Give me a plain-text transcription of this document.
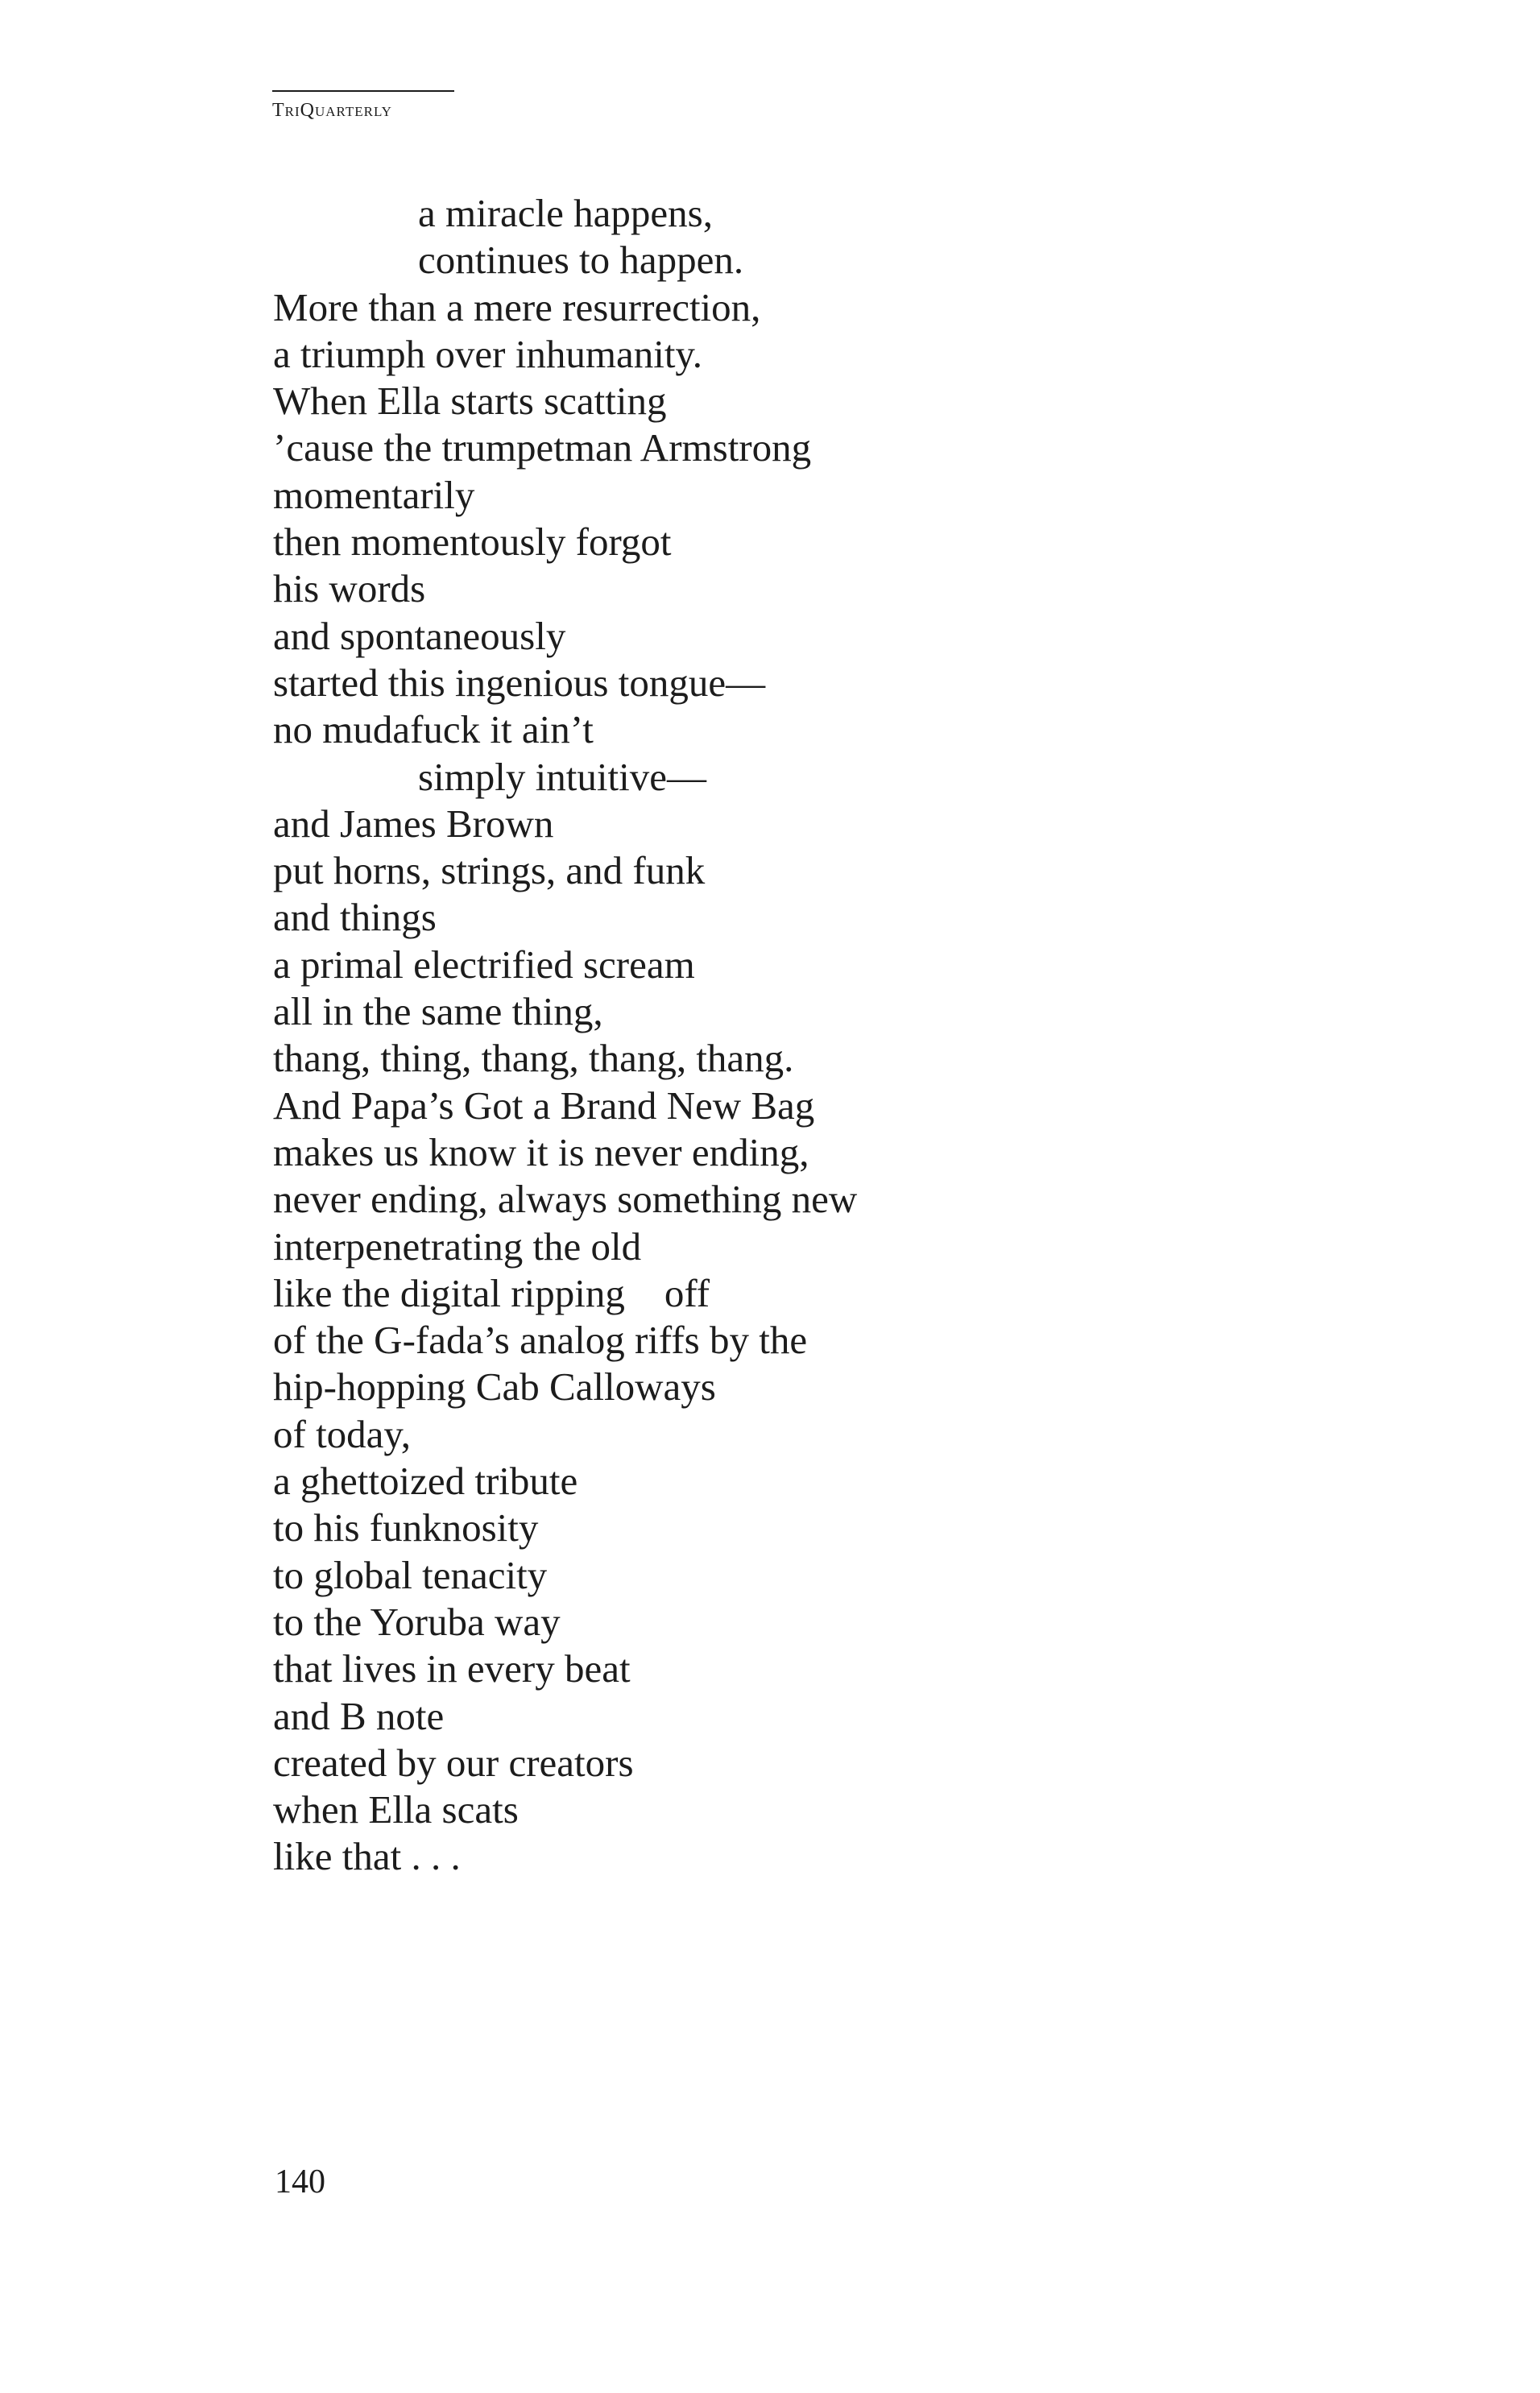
TriQuarterly
a miracle happens,
continues to happen.
More than a mere resurrection,
a triumph over inhumanity.
When Ella starts scatting
’cause the trumpetman Armstrong
momentarily
then momentously forgot
his words
and spontaneously
started this ingenious tongue—
no mudafuck it ain’t
simply intuitive—
and James Brown
put horns, strings, and funk
and things
a primal electrified scream
all in the same thing,
thang, thing, thang, thang, thang.
And Papa’s Got a Brand New Bag
makes us know it is never ending,
never ending, always something new
interpenetrating the old
like the digital ripping    off
of the G-fada’s analog riffs by the
hip-hopping Cab Calloways
of today,
a ghettoized tribute
to his funknosity
to global tenacity
to the Yoruba way
that lives in every beat
and B note
created by our creators
when Ella scats
like that . . .
140
